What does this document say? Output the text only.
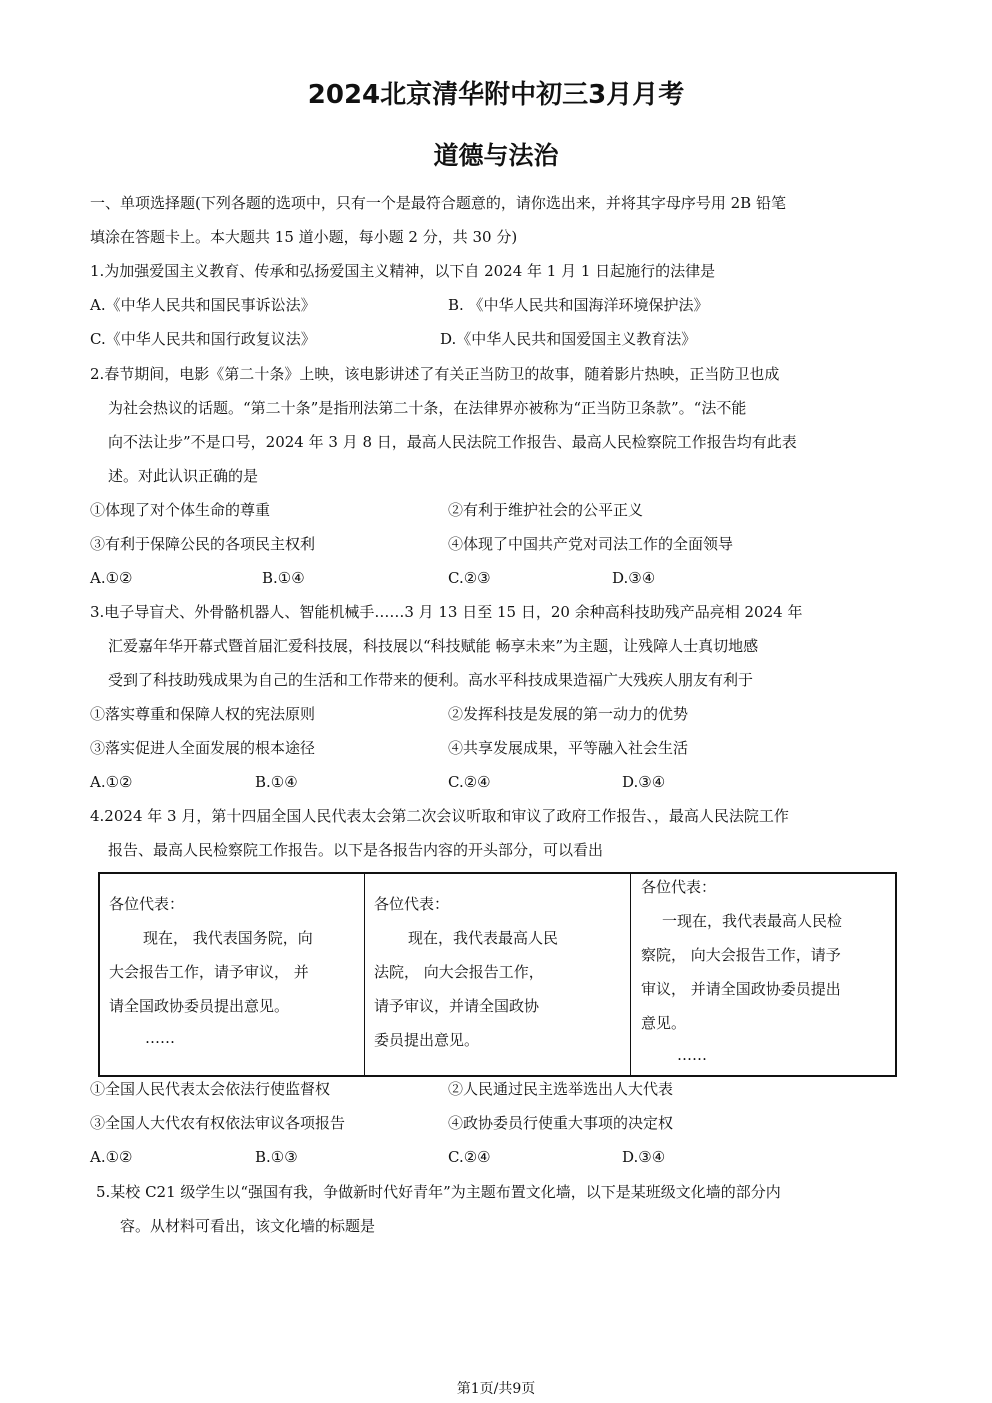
2024北京清华附中初三3月月考
道德与法治
一、单项选择题(下列各题的选项中，只有一个是最符合题意的，请你选出来，并将其字母序号用 2B 铅笔
填涂在答题卡上。本大题共 15 道小题，每小题 2 分，共 30 分)
1.为加强爱国主义教育、传承和弘扬爱国主义精神，以下自 2024 年 1 月 1 日起施行的法律是
A.《中华人民共和国民事诉讼法》	B. 《中华人民共和国海洋环境保护法》
C.《中华人民共和国行政复议法》	D.《中华人民共和国爱国主义教育法》
2.春节期间，电影《第二十条》上映，该电影讲述了有关正当防卫的故事，随着影片热映，正当防卫也成
为社会热议的话题。“第二十条”是指刑法第二十条，在法律界亦被称为“正当防卫条款”。“法不能
向不法让步”不是口号，2024 年 3 月 8 日，最高人民法院工作报告、最高人民检察院工作报告均有此表
述。对此认识正确的是
①体现了对个体生命的尊重	②有利于维护社会的公平正义
③有利于保障公民的各项民主权利	④体现了中国共产党对司法工作的全面领导
A.①②	B.①④	C.②③	D.③④
3.电子导盲犬、外骨骼机器人、智能机械手……3 月 13 日至 15 日，20 余种高科技助残产品亮相 2024 年
汇爱嘉年华开幕式暨首届汇爱科技展，科技展以“科技赋能 畅享未来”为主题，让残障人士真切地感
受到了科技助残成果为自己的生活和工作带来的便利。高水平科技成果造福广大残疾人朋友有利于
①落实尊重和保障人权的宪法原则	②发挥科技是发展的第一动力的优势
③落实促进人全面发展的根本途径	④共享发展成果，平等融入社会生活
A.①②	B.①④	C.②④	D.③④
4.2024 年 3 月，第十四届全国人民代表太会第二次会议听取和审议了政府工作报告、，最高人民法院工作
报告、最高人民检察院工作报告。以下是各报告内容的开头部分，可以看出
各位代表：
现在， 我代表国务院，向
大会报告工作，请予审议， 并
请全国政协委员提出意见。
……
各位代表：
现在，我代表最高人民
法院， 向大会报告工作，
请予审议，并请全国政协
委员提出意见。
各位代表：
一现在，我代表最高人民检
察院， 向大会报告工作，请予
审议， 并请全国政协委员提出
意见。
……
①全国人民代表太会依法行使监督权	②人民通过民主选举选出人大代表
③全国人大代农有权依法审议各项报告	④政协委员行使重大事项的决定权
A.①②	B.①③	C.②④	D.③④
5.某校 C21 级学生以“强国有我，争做新时代好青年”为主题布置文化墙，以下是某班级文化墙的部分内
容。从材料可看出，该文化墙的标题是
第1页/共9页
